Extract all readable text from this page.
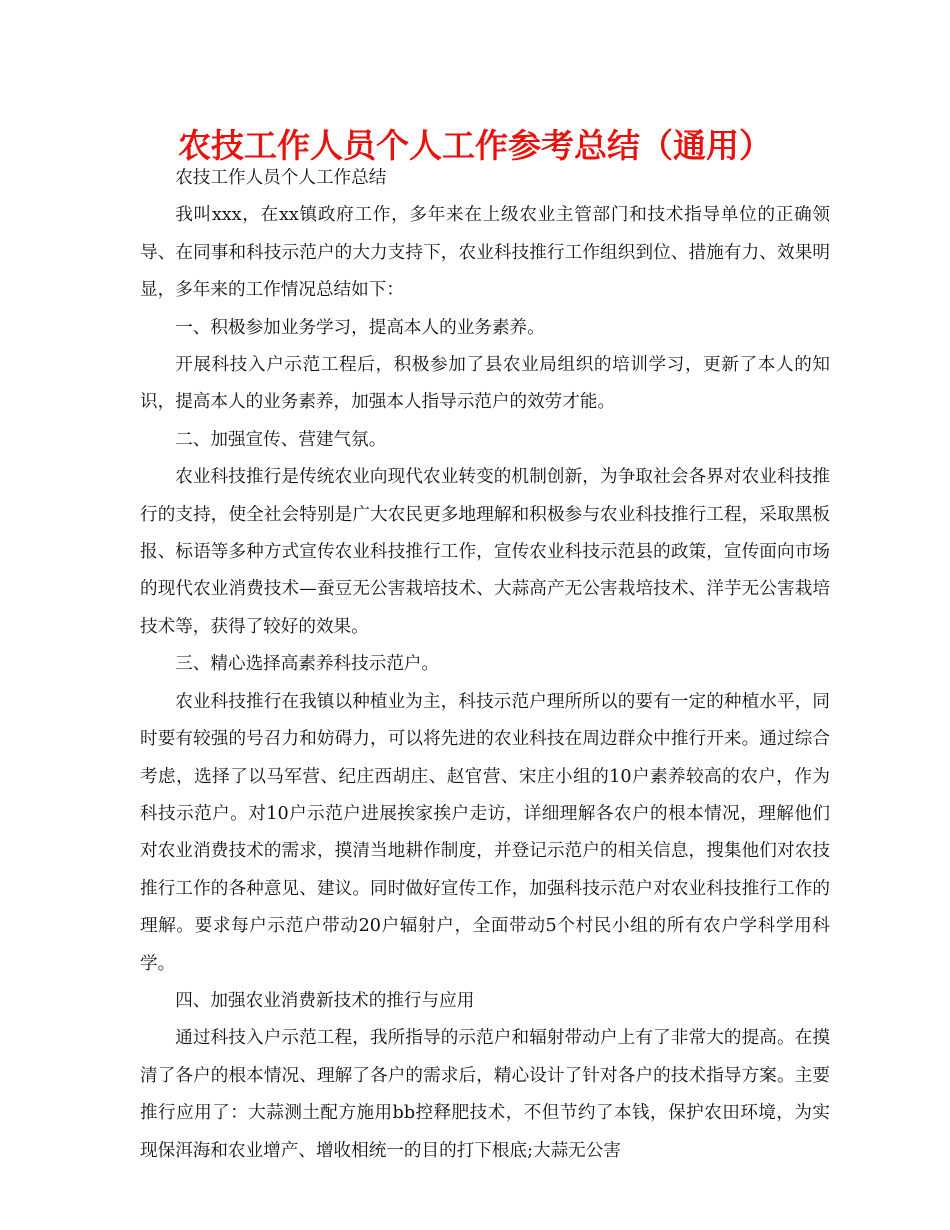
农技工作人员个人工作参考总结（通用）

农技工作人员个人工作总结

我叫xxx，在xx镇政府工作，多年来在上级农业主管部门和技术指导单位的正确领导、在同事和科技示范户的大力支持下，农业科技推行工作组织到位、措施有力、效果明显，多年来的工作情况总结如下：

一、积极参加业务学习，提高本人的业务素养。

开展科技入户示范工程后，积极参加了县农业局组织的培训学习，更新了本人的知识，提高本人的业务素养，加强本人指导示范户的效劳才能。

二、加强宣传、营建气氛。

农业科技推行是传统农业向现代农业转变的机制创新，为争取社会各界对农业科技推行的支持，使全社会特别是广大农民更多地理解和积极参与农业科技推行工程，采取黑板报、标语等多种方式宣传农业科技推行工作，宣传农业科技示范县的政策，宣传面向市场的现代农业消费技术—蚕豆无公害栽培技术、大蒜高产无公害栽培技术、洋芋无公害栽培技术等，获得了较好的效果。

三、精心选择高素养科技示范户。

农业科技推行在我镇以种植业为主，科技示范户理所所以的要有一定的种植水平，同时要有较强的号召力和妨碍力，可以将先进的农业科技在周边群众中推行开来。通过综合考虑，选择了以马军营、纪庄西胡庄、赵官营、宋庄小组的10户素养较高的农户，作为科技示范户。对10户示范户进展挨家挨户走访，详细理解各农户的根本情况，理解他们对农业消费技术的需求，摸清当地耕作制度，并登记示范户的相关信息，搜集他们对农技推行工作的各种意见、建议。同时做好宣传工作，加强科技示范户对农业科技推行工作的理解。要求每户示范户带动20户辐射户，全面带动5个村民小组的所有农户学科学用科学。

四、加强农业消费新技术的推行与应用

通过科技入户示范工程，我所指导的示范户和辐射带动户上有了非常大的提高。在摸清了各户的根本情况、理解了各户的需求后，精心设计了针对各户的技术指导方案。主要推行应用了：大蒜测土配方施用bb控释肥技术，不但节约了本钱，保护农田环境，为实现保洱海和农业增产、增收相统一的目的打下根底;大蒜无公害
